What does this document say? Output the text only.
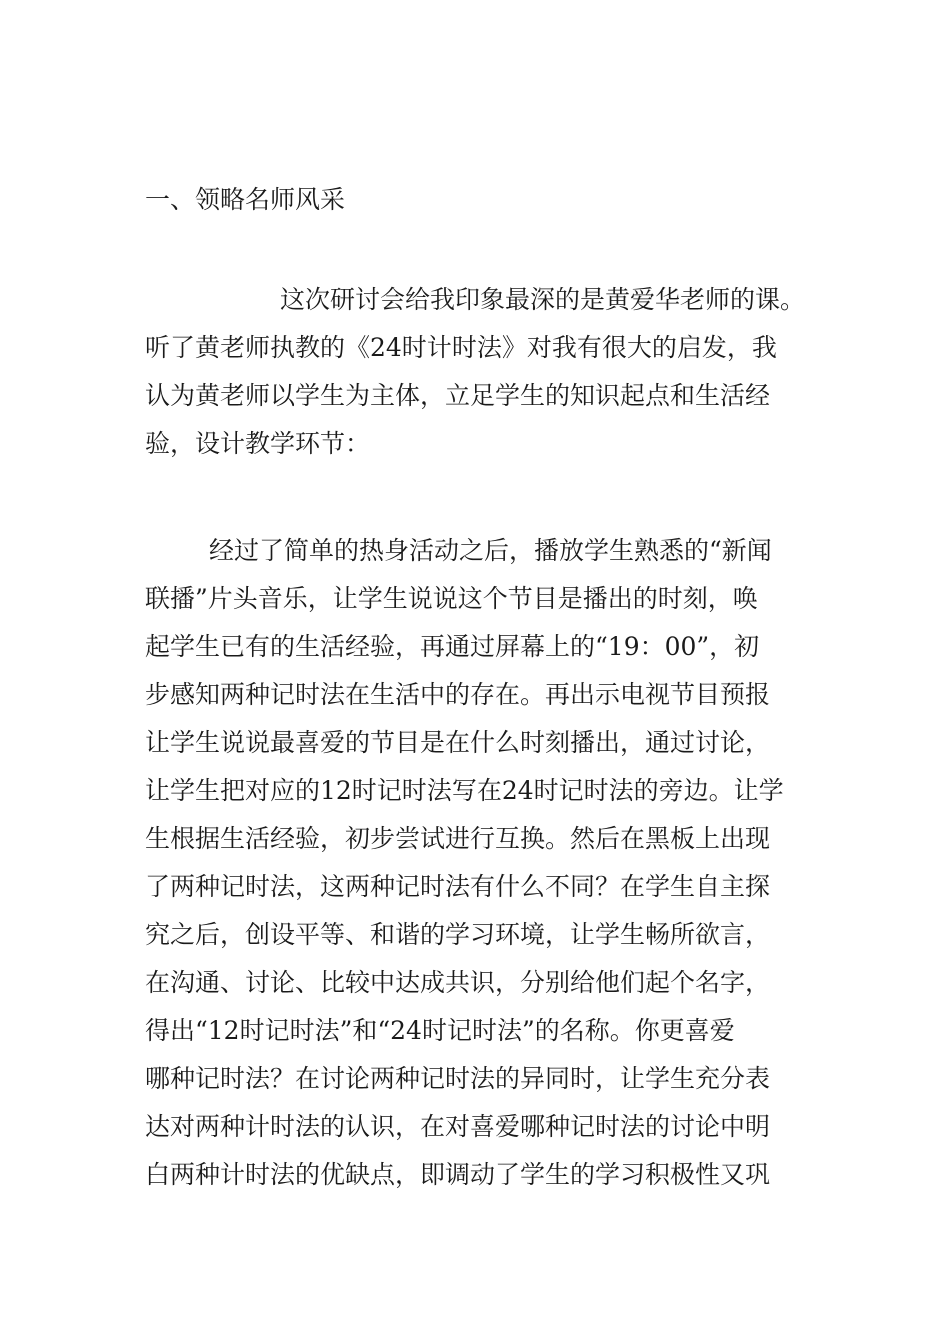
一、领略名师风采
这次研讨会给我印象最深的是黄爱华老师的课。
听了黄老师执教的《24时计时法》对我有很大的启发，我
认为黄老师以学生为主体，立足学生的知识起点和生活经
验，设计教学环节：
经过了简单的热身活动之后，播放学生熟悉的“新闻
联播”片头音乐，让学生说说这个节目是播出的时刻，唤
起学生已有的生活经验，再通过屏幕上的“19：00”，初
步感知两种记时法在生活中的存在。再出示电视节目预报
让学生说说最喜爱的节目是在什么时刻播出，通过讨论，
让学生把对应的12时记时法写在24时记时法的旁边。让学
生根据生活经验，初步尝试进行互换。然后在黑板上出现
了两种记时法，这两种记时法有什么不同？在学生自主探
究之后，创设平等、和谐的学习环境，让学生畅所欲言，
在沟通、讨论、比较中达成共识，分别给他们起个名字，
得出“12时记时法”和“24时记时法”的名称。你更喜爱
哪种记时法？在讨论两种记时法的异同时，让学生充分表
达对两种计时法的认识，在对喜爱哪种记时法的讨论中明
白两种计时法的优缺点，即调动了学生的学习积极性又巩
